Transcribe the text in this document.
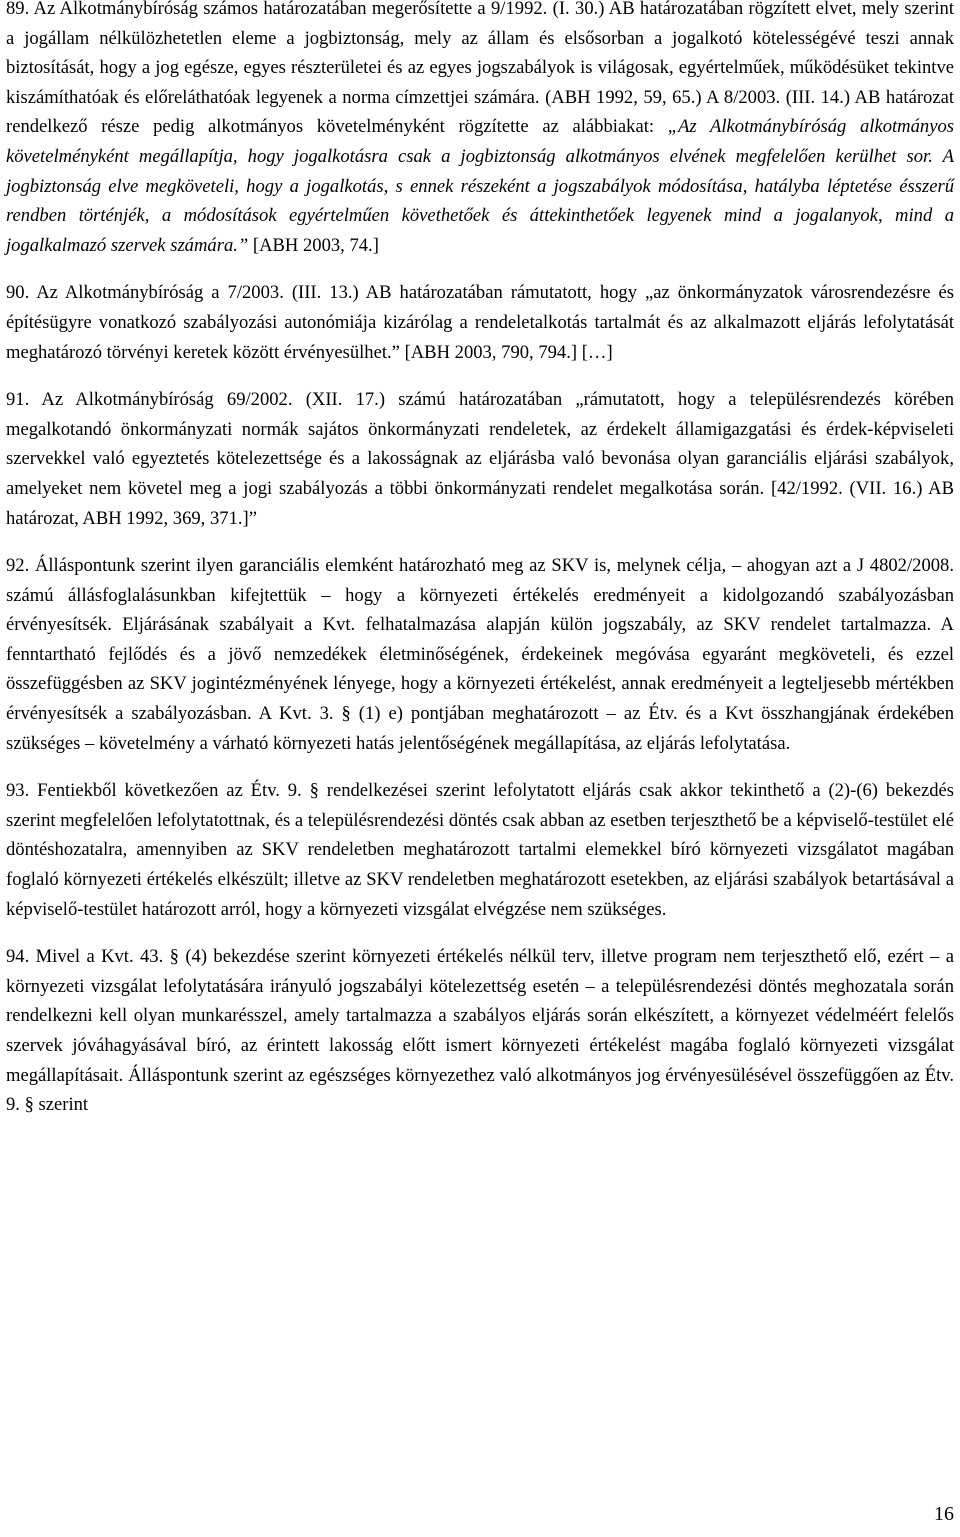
89. Az Alkotmánybíróság számos határozatában megerősítette a 9/1992. (I. 30.) AB határozatában rögzített elvet, mely szerint a jogállam nélkülözhetetlen eleme a jogbiztonság, mely az állam és elsősorban a jogalkotó kötelességévé teszi annak biztosítását, hogy a jog egésze, egyes részterületei és az egyes jogszabályok is világosak, egyértelműek, működésüket tekintve kiszámíthatóak és előreláthatóak legyenek a norma címzettjei számára. (ABH 1992, 59, 65.) A 8/2003. (III. 14.) AB határozat rendelkező része pedig alkotmányos követelményként rögzítette az alábbiakat: „Az Alkotmánybíróság alkotmányos követelményként megállapítja, hogy jogalkotásra csak a jogbiztonság alkotmányos elvének megfelelően kerülhet sor. A jogbiztonság elve megköveteli, hogy a jogalkotás, s ennek részeként a jogszabályok módosítása, hatályba léptetése ésszerű rendben történjék, a módosítások egyértelműen követhetőek és áttekinthetőek legyenek mind a jogalanyok, mind a jogalkalmazó szervek számára.” [ABH 2003, 74.]

90. Az Alkotmánybíróság a 7/2003. (III. 13.) AB határozatában rámutatott, hogy „az önkormányzatok városrendezésre és építésügyre vonatkozó szabályozási autonómiája kizárólag a rendeletalkotás tartalmát és az alkalmazott eljárás lefolytatását meghatározó törvényi keretek között érvényesülhet.” [ABH 2003, 790, 794.] […]

91. Az Alkotmánybíróság 69/2002. (XII. 17.) számú határozatában „rámutatott, hogy a településrendezés körében megalkotandó önkormányzati normák sajátos önkormányzati rendeletek, az érdekelt államigazgatási és érdek-képviseleti szervekkel való egyeztetés kötelezettsége és a lakosságnak az eljárásba való bevonása olyan garanciális eljárási szabályok, amelyeket nem követel meg a jogi szabályozás a többi önkormányzati rendelet megalkotása során. [42/1992. (VII. 16.) AB határozat, ABH 1992, 369, 371.]”

92. Álláspontunk szerint ilyen garanciális elemként határozható meg az SKV is, melynek célja, – ahogyan azt a J 4802/2008. számú állásfoglalásunkban kifejtettük – hogy a környezeti értékelés eredményeit a kidolgozandó szabályozásban érvényesítsék. Eljárásának szabályait a Kvt. felhatalmazása alapján külön jogszabály, az SKV rendelet tartalmazza. A fenntartható fejlődés és a jövő nemzedékek életminőségének, érdekeinek megóvása egyaránt megköveteli, és ezzel összefüggésben az SKV jogintézményének lényege, hogy a környezeti értékelést, annak eredményeit a legteljesebb mértékben érvényesítsék a szabályozásban. A Kvt. 3. § (1) e) pontjában meghatározott – az Étv. és a Kvt összhangjának érdekében szükséges – követelmény a várható környezeti hatás jelentőségének megállapítása, az eljárás lefolytatása.

93. Fentiekből következően az Étv. 9. § rendelkezései szerint lefolytatott eljárás csak akkor tekinthető a (2)-(6) bekezdés szerint megfelelően lefolytatottnak, és a településrendezési döntés csak abban az esetben terjeszthető be a képviselő-testület elé döntéshozatalra, amennyiben az SKV rendeletben meghatározott tartalmi elemekkel bíró környezeti vizsgálatot magában foglaló környezeti értékelés elkészült; illetve az SKV rendeletben meghatározott esetekben, az eljárási szabályok betartásával a képviselő-testület határozott arról, hogy a környezeti vizsgálat elvégzése nem szükséges.

94. Mivel a Kvt. 43. § (4) bekezdése szerint környezeti értékelés nélkül terv, illetve program nem terjeszthető elő, ezért – a környezeti vizsgálat lefolytatására irányuló jogszabályi kötelezettség esetén – a településrendezési döntés meghozatala során rendelkezni kell olyan munkarésszel, amely tartalmazza a szabályos eljárás során elkészített, a környezet védelméért felelős szervek jóváhagyásával bíró, az érintett lakosság előtt ismert környezeti értékelést magába foglaló környezeti vizsgálat megállapításait. Álláspontunk szerint az egészséges környezethez való alkotmányos jog érvényesülésével összefüggően az Étv. 9. § szerint

16
